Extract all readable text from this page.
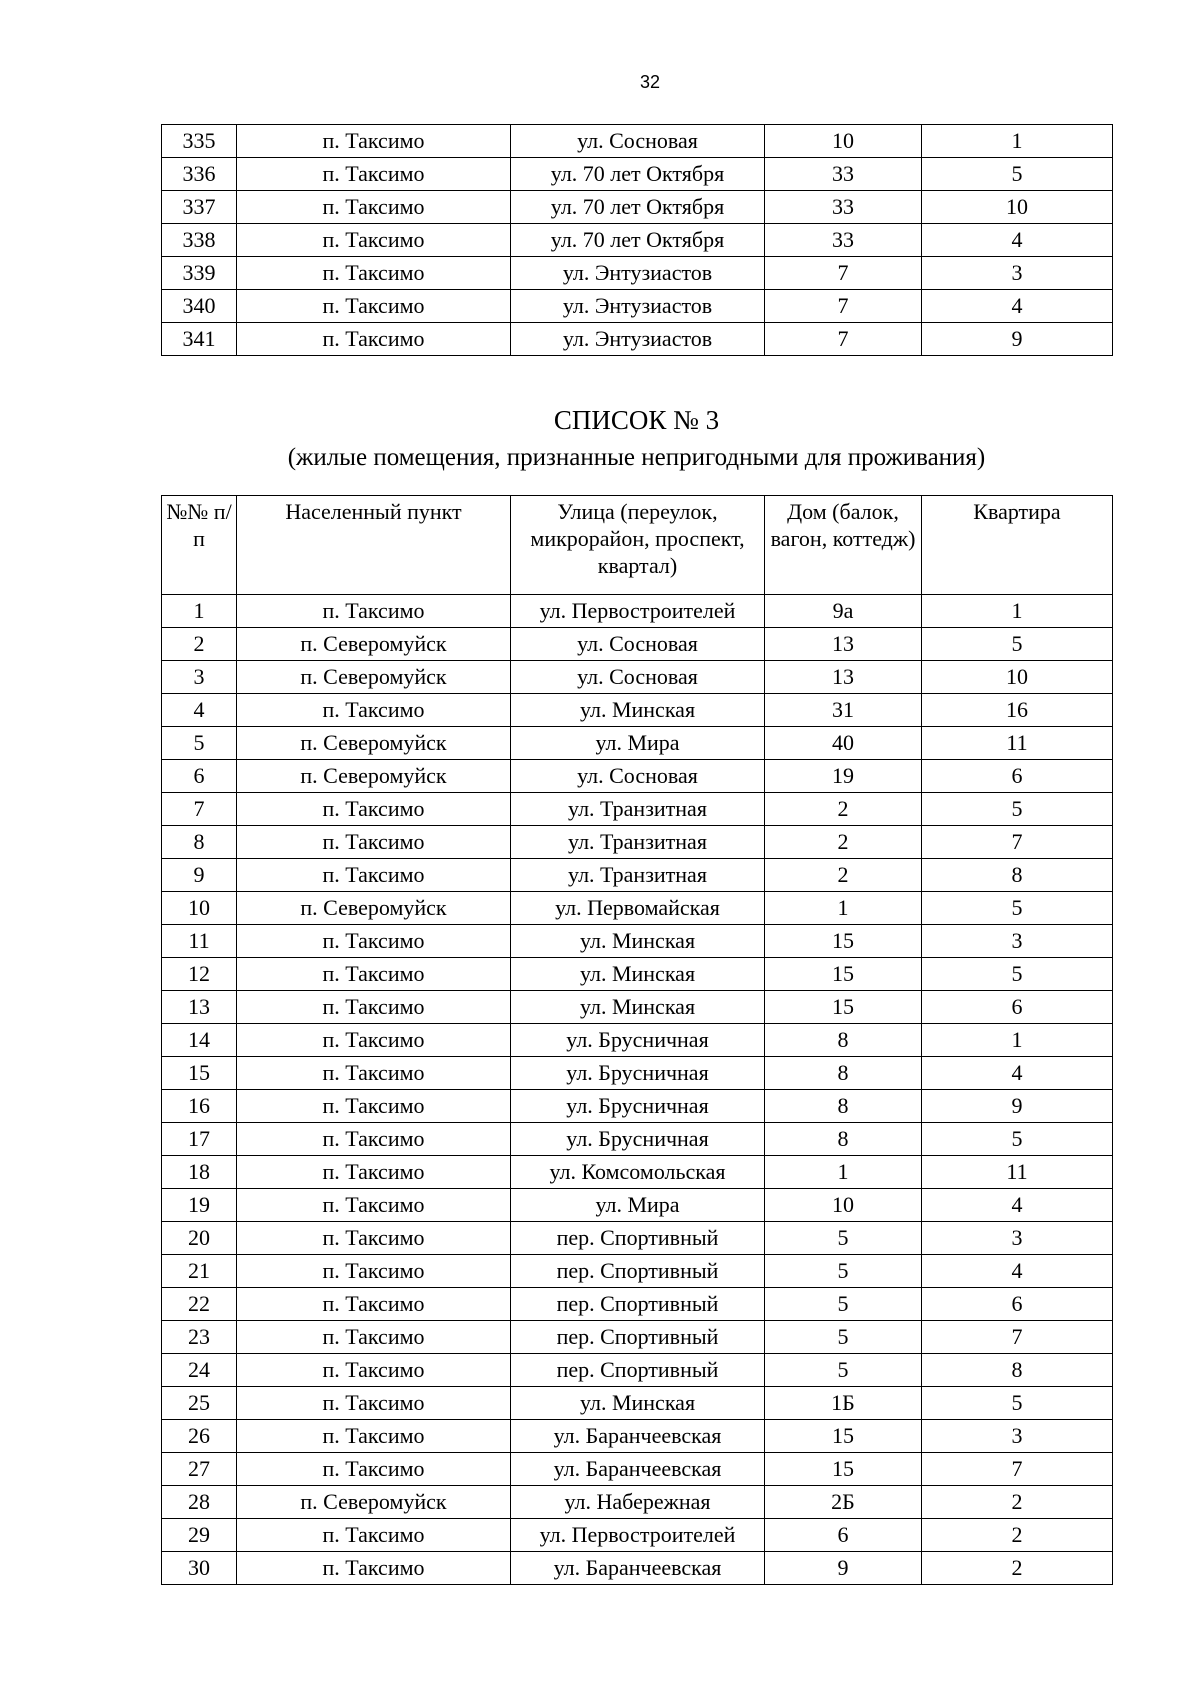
32
335	п. Таксимо	ул. Сосновая	10	1
336	п. Таксимо	ул. 70 лет Октября	33	5
337	п. Таксимо	ул. 70 лет Октября	33	10
338	п. Таксимо	ул. 70 лет Октября	33	4
339	п. Таксимо	ул. Энтузиастов	7	3
340	п. Таксимо	ул. Энтузиастов	7	4
341	п. Таксимо	ул. Энтузиастов	7	9
СПИСОК № 3
(жилые помещения, признанные непригодными для проживания)
№№ п/п	Населенный пункт	Улица (переулок, микрорайон, проспект, квартал)	Дом (балок, вагон, коттедж)	Квартира
1	п. Таксимо	ул. Первостроителей	9а	1
2	п. Северомуйск	ул. Сосновая	13	5
3	п. Северомуйск	ул. Сосновая	13	10
4	п. Таксимо	ул. Минская	31	16
5	п. Северомуйск	ул. Мира	40	11
6	п. Северомуйск	ул. Сосновая	19	6
7	п. Таксимо	ул. Транзитная	2	5
8	п. Таксимо	ул. Транзитная	2	7
9	п. Таксимо	ул. Транзитная	2	8
10	п. Северомуйск	ул. Первомайская	1	5
11	п. Таксимо	ул. Минская	15	3
12	п. Таксимо	ул. Минская	15	5
13	п. Таксимо	ул. Минская	15	6
14	п. Таксимо	ул. Брусничная	8	1
15	п. Таксимо	ул. Брусничная	8	4
16	п. Таксимо	ул. Брусничная	8	9
17	п. Таксимо	ул. Брусничная	8	5
18	п. Таксимо	ул. Комсомольская	1	11
19	п. Таксимо	ул. Мира	10	4
20	п. Таксимо	пер. Спортивный	5	3
21	п. Таксимо	пер. Спортивный	5	4
22	п. Таксимо	пер. Спортивный	5	6
23	п. Таксимо	пер. Спортивный	5	7
24	п. Таксимо	пер. Спортивный	5	8
25	п. Таксимо	ул. Минская	1Б	5
26	п. Таксимо	ул. Баранчеевская	15	3
27	п. Таксимо	ул. Баранчеевская	15	7
28	п. Северомуйск	ул. Набережная	2Б	2
29	п. Таксимо	ул. Первостроителей	6	2
30	п. Таксимо	ул. Баранчеевская	9	2
